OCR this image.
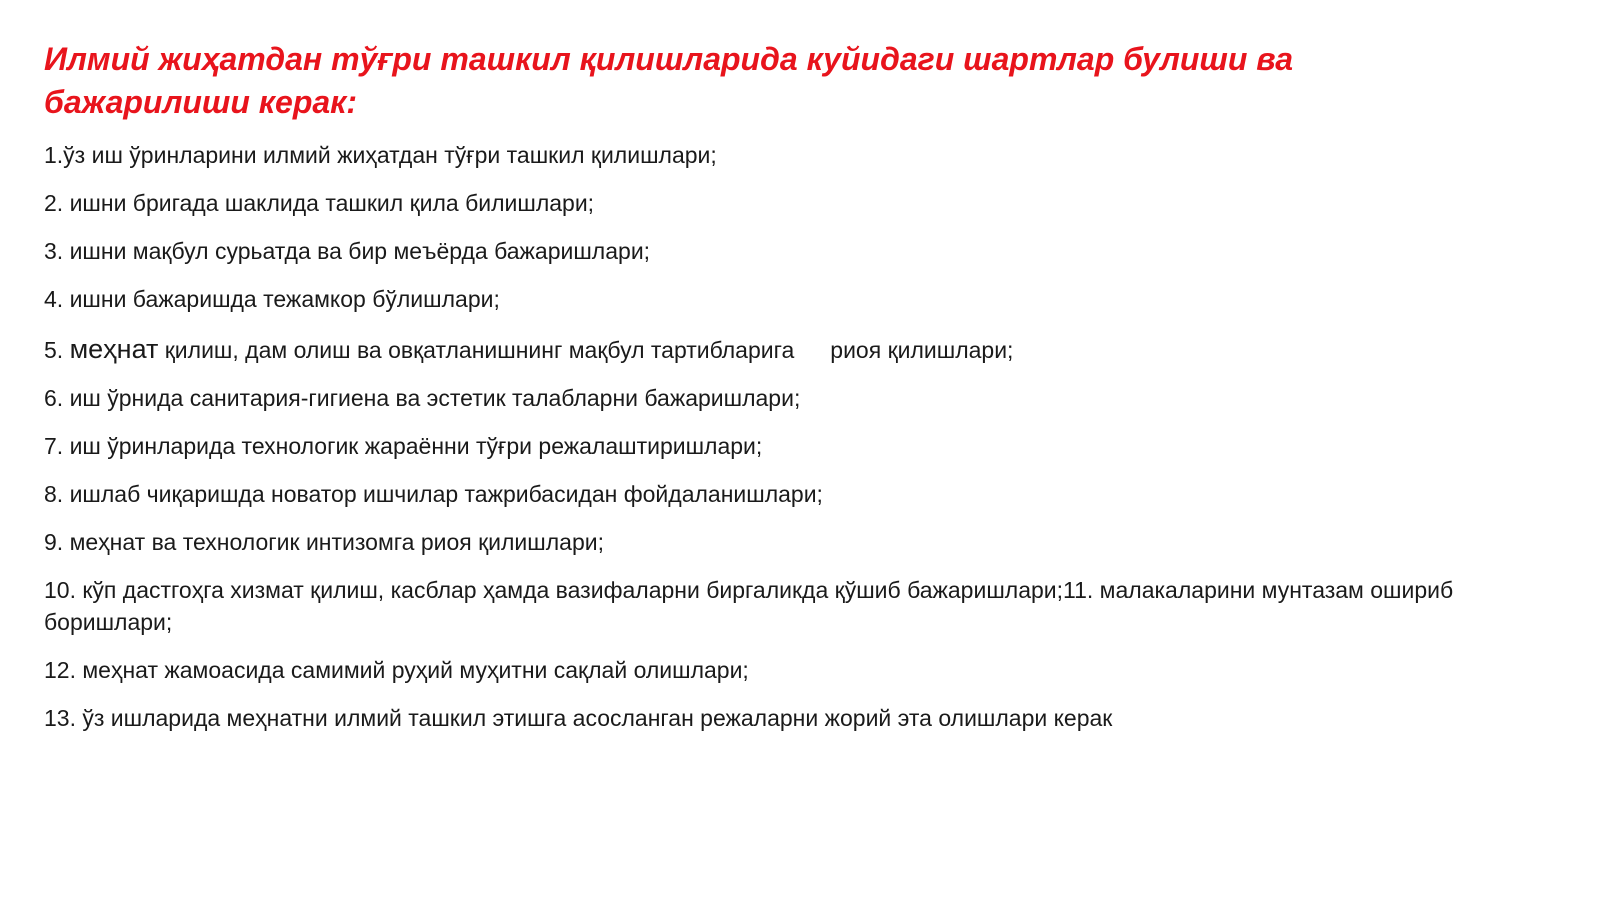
Илмий жиҳатдан тўғри ташкил қилишларида куйидаги шартлар булиши ва бажарилиши керак:

1.ўз иш ўринларини илмий жиҳатдан тўғри ташкил қилишлари;

2. ишни бригада шаклида ташкил қила билишлари;

3. ишни мақбул сурьатда ва бир меъёрда бажаришлари;

4. ишни бажаришда тежамкор бўлишлари;

5. меҳнат қилиш, дам олиш ва овқатланишнинг мақбул тартибларига риоя қилишлари;

6. иш ўрнида санитария-гигиена ва эстетик талабларни бажаришлари;

7. иш ўринларида технологик жараённи тўғри режалаштиришлари;

8. ишлаб чиқаришда новатор ишчилар тажрибасидан фойдаланишлари;

9. меҳнат ва технологик интизомга риоя қилишлари;

10. кўп дастгоҳга хизмат қилиш, касблар ҳамда вазифаларни биргаликда қўшиб бажаришлари;11. малакаларини мунтазам ошириб боришлари;

12. меҳнат жамоасида самимий руҳий муҳитни сақлай олишлари;

13. ўз ишларида меҳнатни илмий ташкил этишга асосланган режаларни жорий эта олишлари керак
